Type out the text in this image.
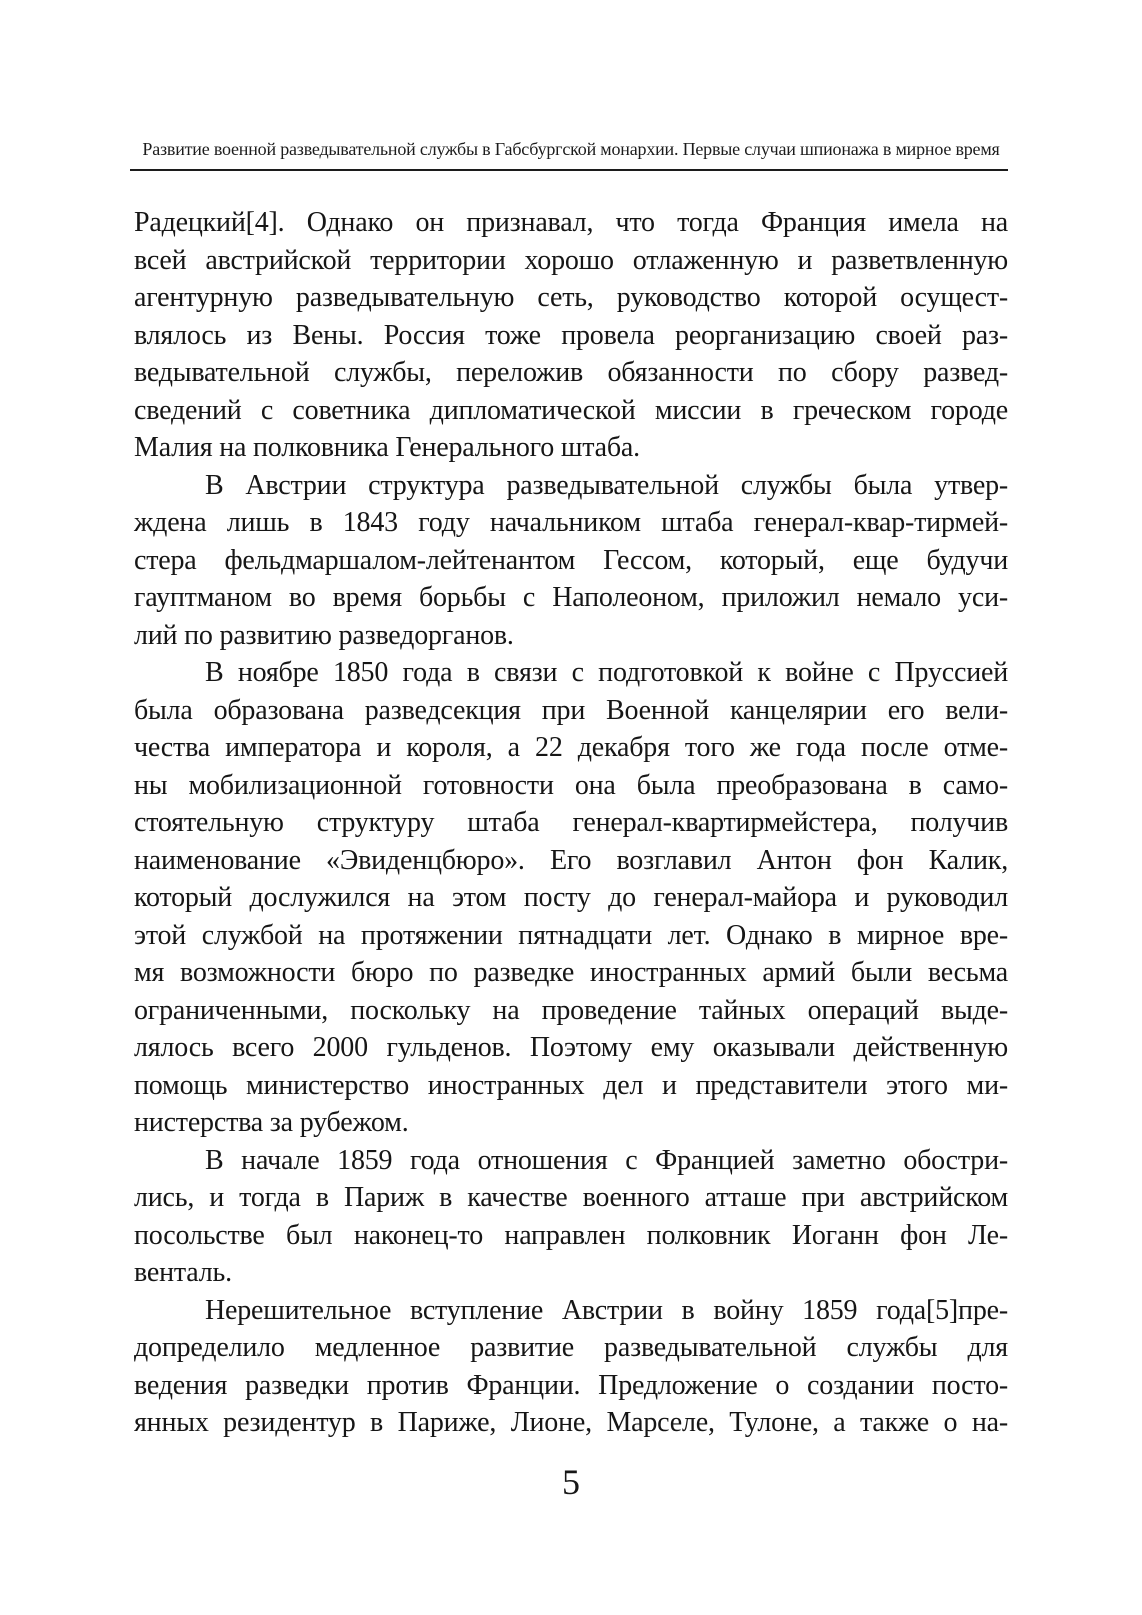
Развитие военной разведывательной службы в Габсбургской монархии. Первые случаи шпионажа в мирное время
Радецкий[4]. Однако он признавал, что тогда Франция имела на
всей австрийской территории хорошо отлаженную и разветвленную
агентурную разведывательную сеть, руководство которой осущест-
влялось из Вены. Россия тоже провела реорганизацию своей раз-
ведывательной службы, переложив обязанности по сбору развед-
сведений с советника дипломатической миссии в греческом городе
Малия на полковника Генерального штаба.
В Австрии структура разведывательной службы была утвер-
ждена лишь в 1843 году начальником штаба генерал-квар-тирмей-
стера фельдмаршалом-лейтенантом Гессом, который, еще будучи
гауптманом во время борьбы с Наполеоном, приложил немало уси-
лий по развитию разведорганов.
В ноябре 1850 года в связи с подготовкой к войне с Пруссией
была образована разведсекция при Военной канцелярии его вели-
чества императора и короля, а 22 декабря того же года после отме-
ны мобилизационной готовности она была преобразована в само-
стоятельную структуру штаба генерал-квартирмейстера, получив
наименование «Эвиденцбюро». Его возглавил Антон фон Калик,
который дослужился на этом посту до генерал-майора и руководил
этой службой на протяжении пятнадцати лет. Однако в мирное вре-
мя возможности бюро по разведке иностранных армий были весьма
ограниченными, поскольку на проведение тайных операций выде-
лялось всего 2000 гульденов. Поэтому ему оказывали действенную
помощь министерство иностранных дел и представители этого ми-
нистерства за рубежом.
В начале 1859 года отношения с Францией заметно обостри-
лись, и тогда в Париж в качестве военного атташе при австрийском
посольстве был наконец-то направлен полковник Иоганн фон Ле-
венталь.
Нерешительное вступление Австрии в войну 1859 года[5]пре-
допределило медленное развитие разведывательной службы для
ведения разведки против Франции. Предложение о создании посто-
янных резидентур в Париже, Лионе, Марселе, Тулоне, а также о на-
5
